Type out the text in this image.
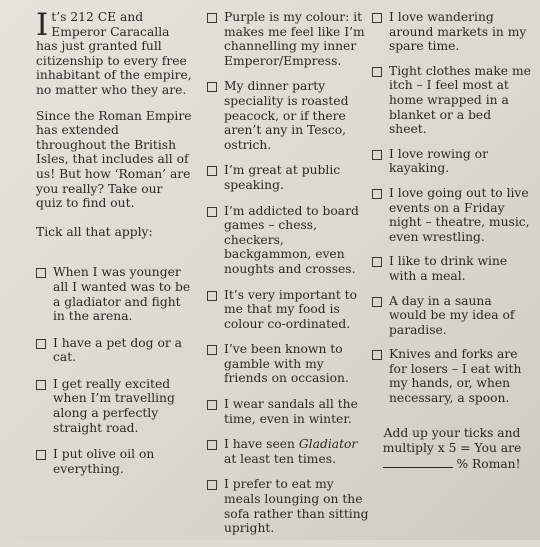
It’s 212 CE and Emperor Caracalla has just granted full citizenship to every free inhabitant of the empire, no matter who they are.

Since the Roman Empire has extended throughout the British Isles, that includes all of us! But how ‘Roman’ are you really? Take our quiz to find out.

Tick all that apply:
When I was younger all I wanted was to be a gladiator and fight in the arena.
I have a pet dog or a cat.
I get really excited when I’m travelling along a perfectly straight road.
I put olive oil on everything.
Purple is my colour: it makes me feel like I’m channelling my inner Emperor/Empress.
My dinner party speciality is roasted peacock, or if there aren’t any in Tesco, ostrich.
I’m great at public speaking.
I’m addicted to board games – chess, checkers, backgammon, even noughts and crosses.
It’s very important to me that my food is colour co-ordinated.
I’ve been known to gamble with my friends on occasion.
I wear sandals all the time, even in winter.
I have seen Gladiator at least ten times.
I prefer to eat my meals lounging on the sofa rather than sitting upright.
I love wandering around markets in my spare time.
Tight clothes make me itch – I feel most at home wrapped in a blanket or a bed sheet.
I love rowing or kayaking.
I love going out to live events on a Friday night – theatre, music, even wrestling.
I like to drink wine with a meal.
A day in a sauna would be my idea of paradise.
Knives and forks are for losers – I eat with my hands, or, when necessary, a spoon.
Add up your ticks and multiply x 5 = You are
% Roman!
